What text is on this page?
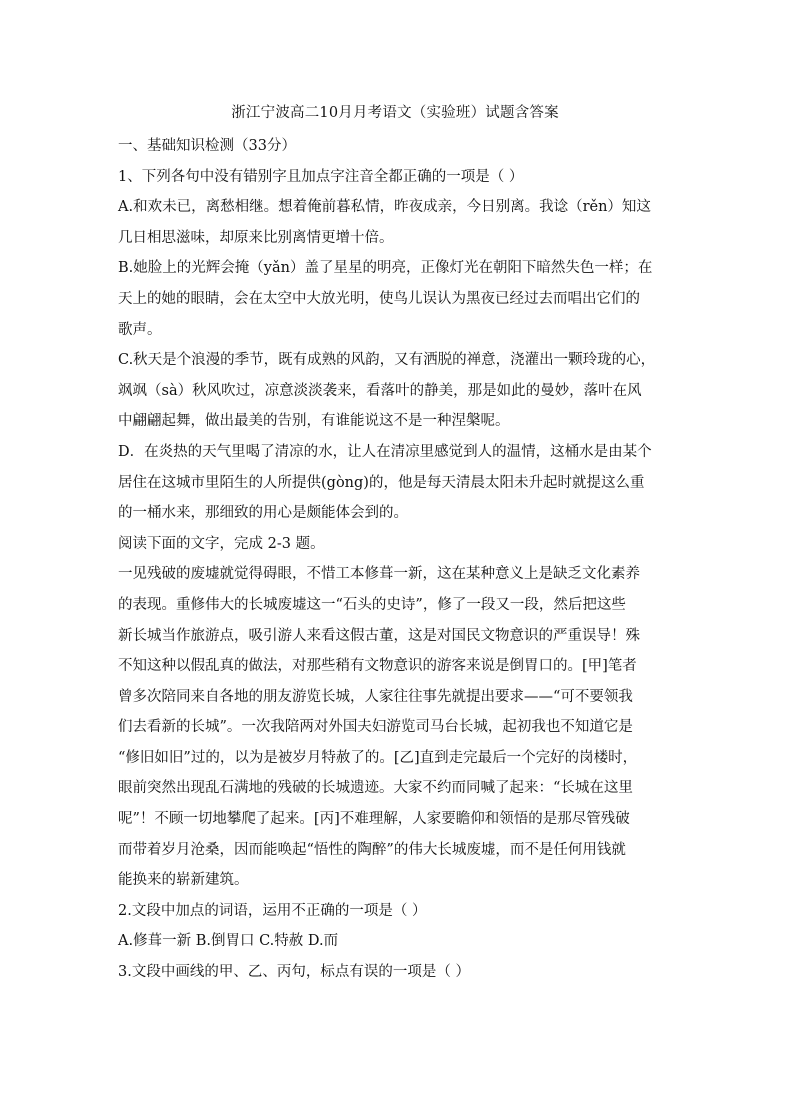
浙江宁波高二10月月考语文（实验班）试题含答案
一、基础知识检测（33分）
1、下列各句中没有错别字且加点字注音全都正确的一项是（ ）
A.和欢未已，离愁相继。想着俺前暮私情，昨夜成亲，今日别离。我谂（rěn）知这
几日相思滋味，却原来比别离情更增十倍。
B.她脸上的光辉会掩（yǎn）盖了星星的明亮，正像灯光在朝阳下暗然失色一样；在
天上的她的眼睛，会在太空中大放光明，使鸟儿误认为黑夜已经过去而唱出它们的
歌声。
C.秋天是个浪漫的季节，既有成熟的风韵，又有洒脱的禅意，浇灌出一颗玲珑的心，
飒飒（sà）秋风吹过，凉意淡淡袭来，看落叶的静美，那是如此的曼妙，落叶在风
中翩翩起舞，做出最美的告别，有谁能说这不是一种涅槃呢。
D．在炎热的天气里喝了清凉的水，让人在清凉里感觉到人的温情，这桶水是由某个
居住在这城市里陌生的人所提供(gòng)的，他是每天清晨太阳未升起时就提这么重
的一桶水来，那细致的用心是颇能体会到的。
阅读下面的文字，完成 2-3 题。
一见残破的废墟就觉得碍眼，不惜工本修葺一新，这在某种意义上是缺乏文化素养
的表现。重修伟大的长城废墟这一“石头的史诗”，修了一段又一段，然后把这些
新长城当作旅游点，吸引游人来看这假古董，这是对国民文物意识的严重误导！殊
不知这种以假乱真的做法，对那些稍有文物意识的游客来说是倒胃口的。[甲]笔者
曾多次陪同来自各地的朋友游览长城，人家往往事先就提出要求——“可不要领我
们去看新的长城”。一次我陪两对外国夫妇游览司马台长城，起初我也不知道它是
“修旧如旧”过的，以为是被岁月特赦了的。[乙]直到走完最后一个完好的岗楼时，
眼前突然出现乱石满地的残破的长城遗迹。大家不约而同喊了起来：“长城在这里
呢”！不顾一切地攀爬了起来。[丙]不难理解，人家要瞻仰和领悟的是那尽管残破
而带着岁月沧桑，因而能唤起“悟性的陶醉”的伟大长城废墟，而不是任何用钱就
能换来的崭新建筑。
2.文段中加点的词语，运用不正确的一项是（ ）
A.修葺一新 B.倒胃口 C.特赦 D.而
3.文段中画线的甲、乙、丙句，标点有误的一项是（ ）
